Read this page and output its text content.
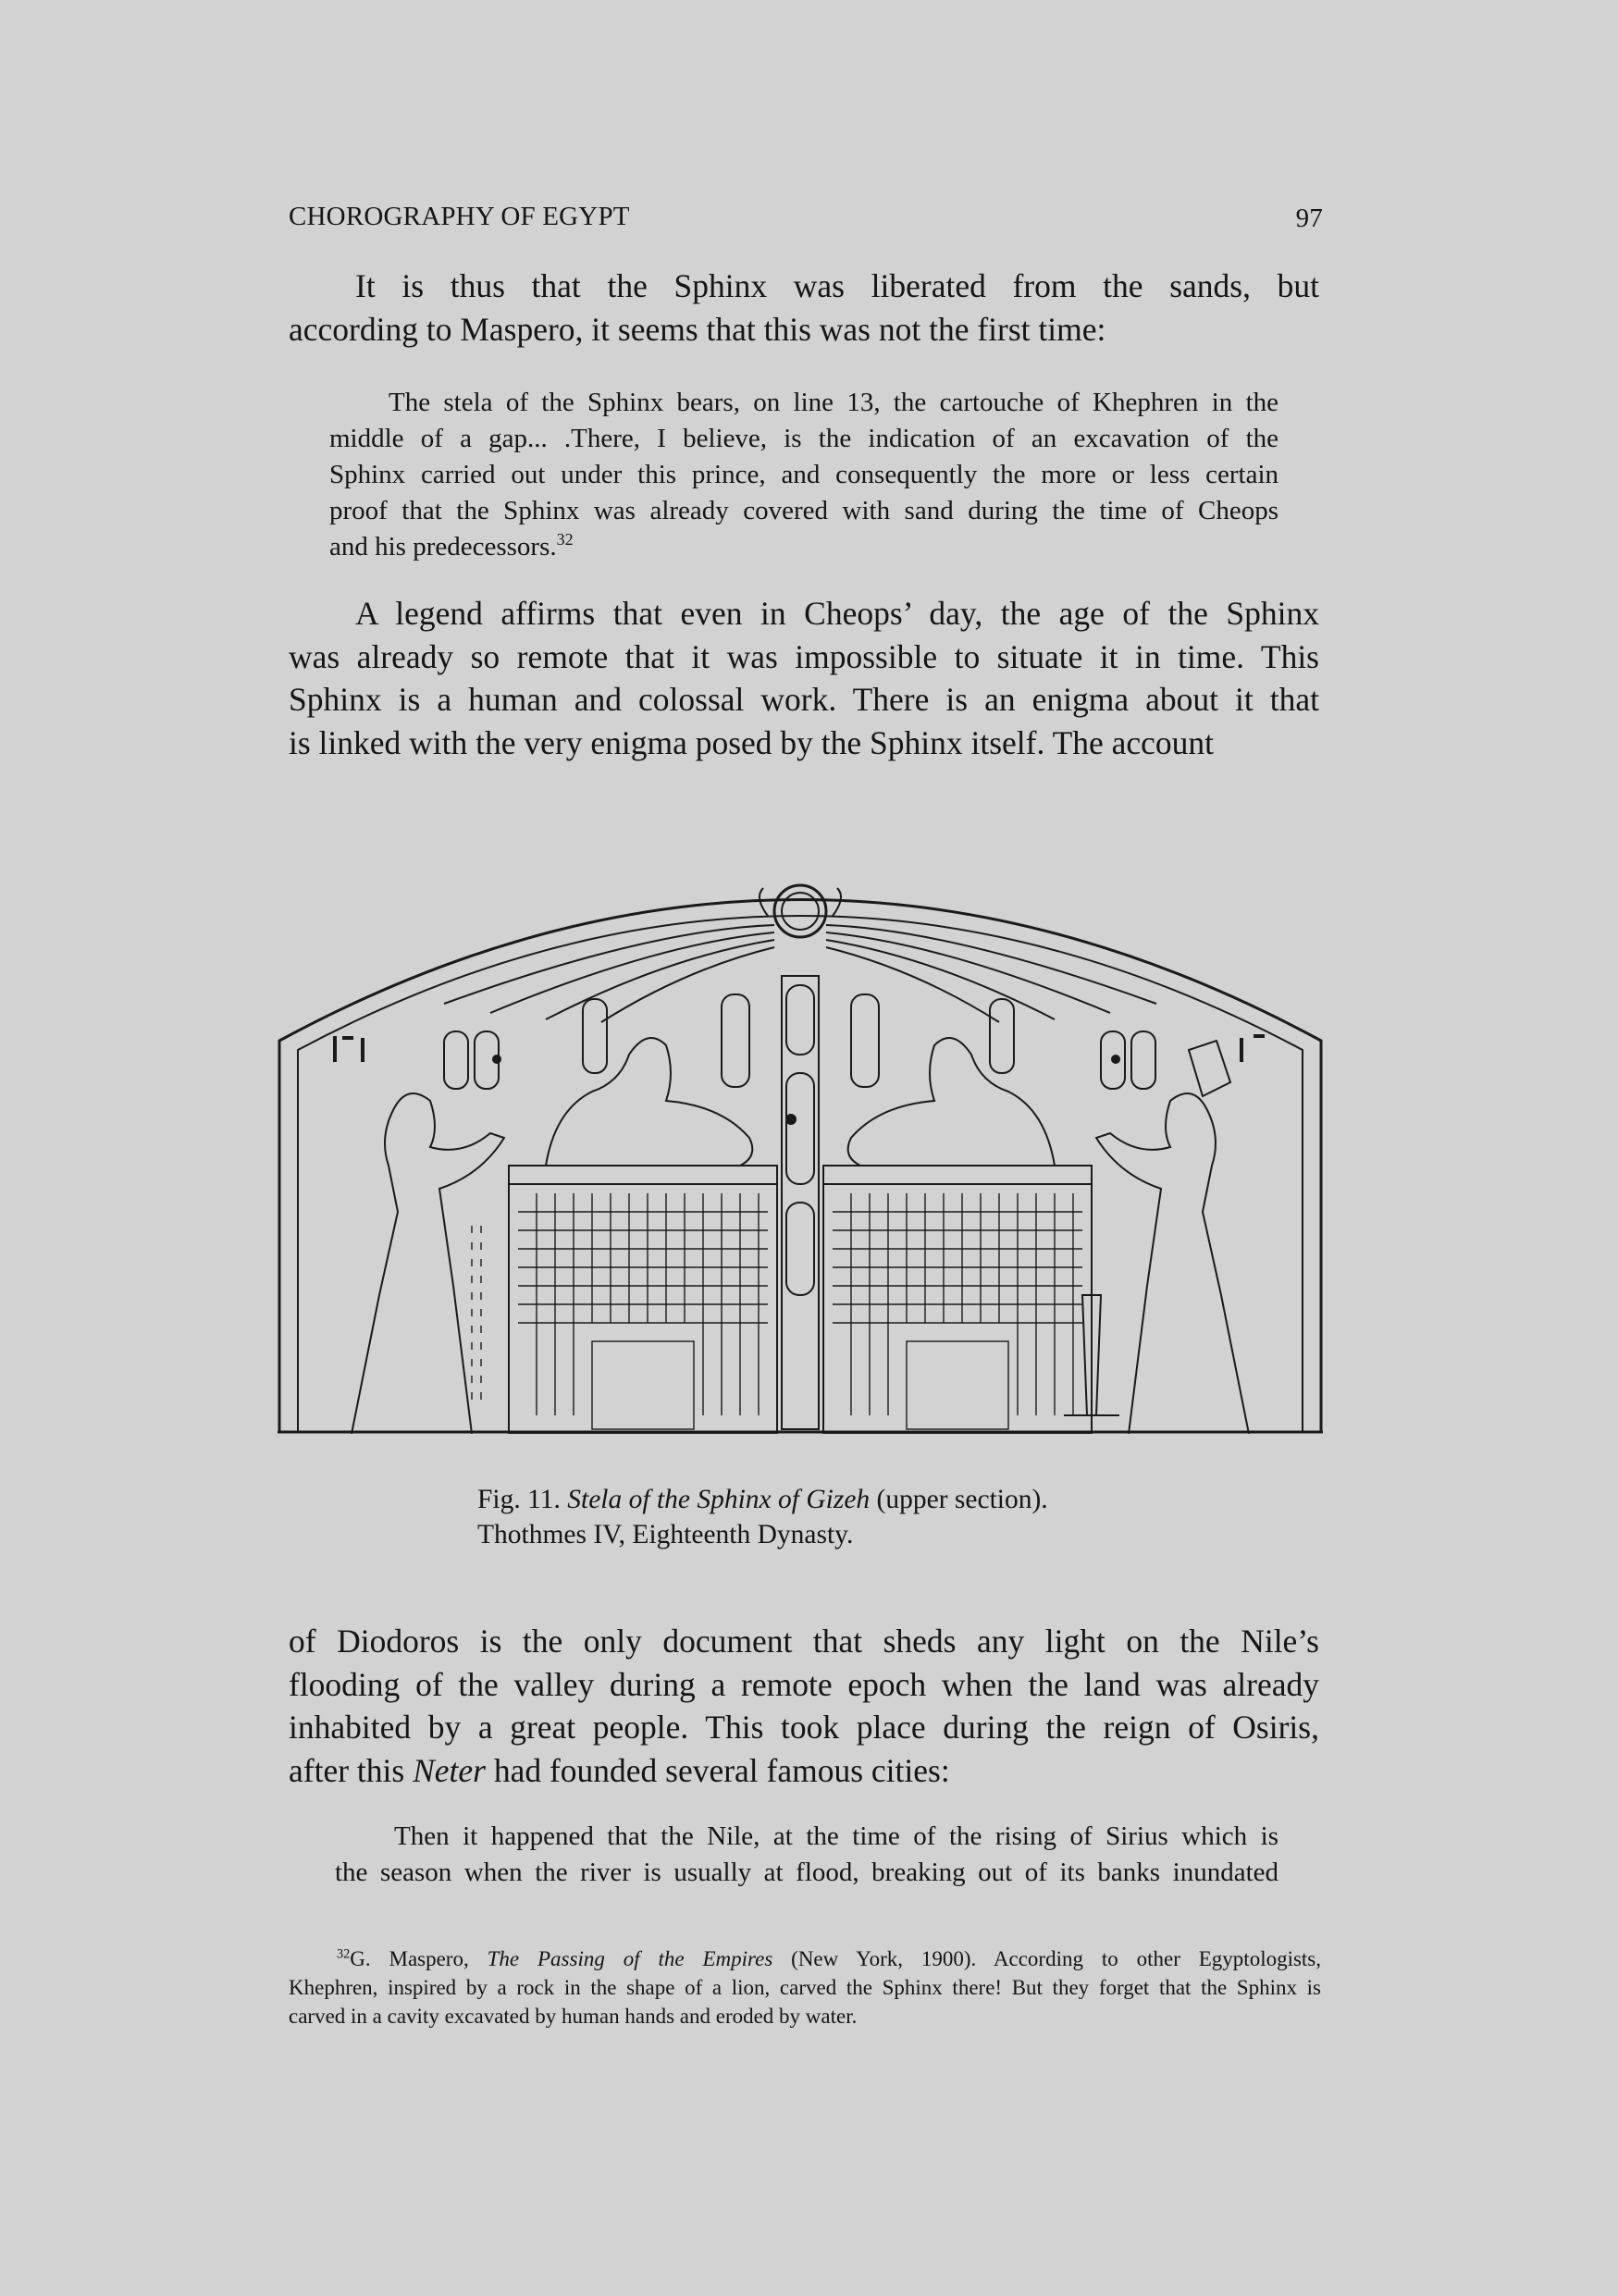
CHOROGRAPHY OF EGYPT	97
It is thus that the Sphinx was liberated from the sands, but
according to Maspero, it seems that this was not the first time:
The stela of the Sphinx bears, on line 13, the cartouche of Khephren in the
middle of a gap... .There, I believe, is the indication of an excavation of the
Sphinx carried out under this prince, and consequently the more or less certain
proof that the Sphinx was already covered with sand during the time of Cheops
and his predecessors.$^{32}$
A legend affirms that even in Cheops’ day, the age of the Sphinx
was already so remote that it was impossible to situate it in time. This
Sphinx is a human and colossal work. There is an enigma about it that
is linked with the very enigma posed by the Sphinx itself. The account
Fig. 11. Stela of the Sphinx of Gizeh (upper section).
Thothmes IV, Eighteenth Dynasty.
of Diodoros is the only document that sheds any light on the Nile’s
flooding of the valley during a remote epoch when the land was already
inhabited by a great people. This took place during the reign of Osiris,
after this Neter had founded several famous cities:
Then it happened that the Nile, at the time of the rising of Sirius which is
the season when the river is usually at flood, breaking out of its banks inundated
$^{32}$G. Maspero, The Passing of the Empires (New York, 1900). According to other Egyptologists,
Khephren, inspired by a rock in the shape of a lion, carved the Sphinx there! But they forget that the Sphinx is
carved in a cavity excavated by human hands and eroded by water.
